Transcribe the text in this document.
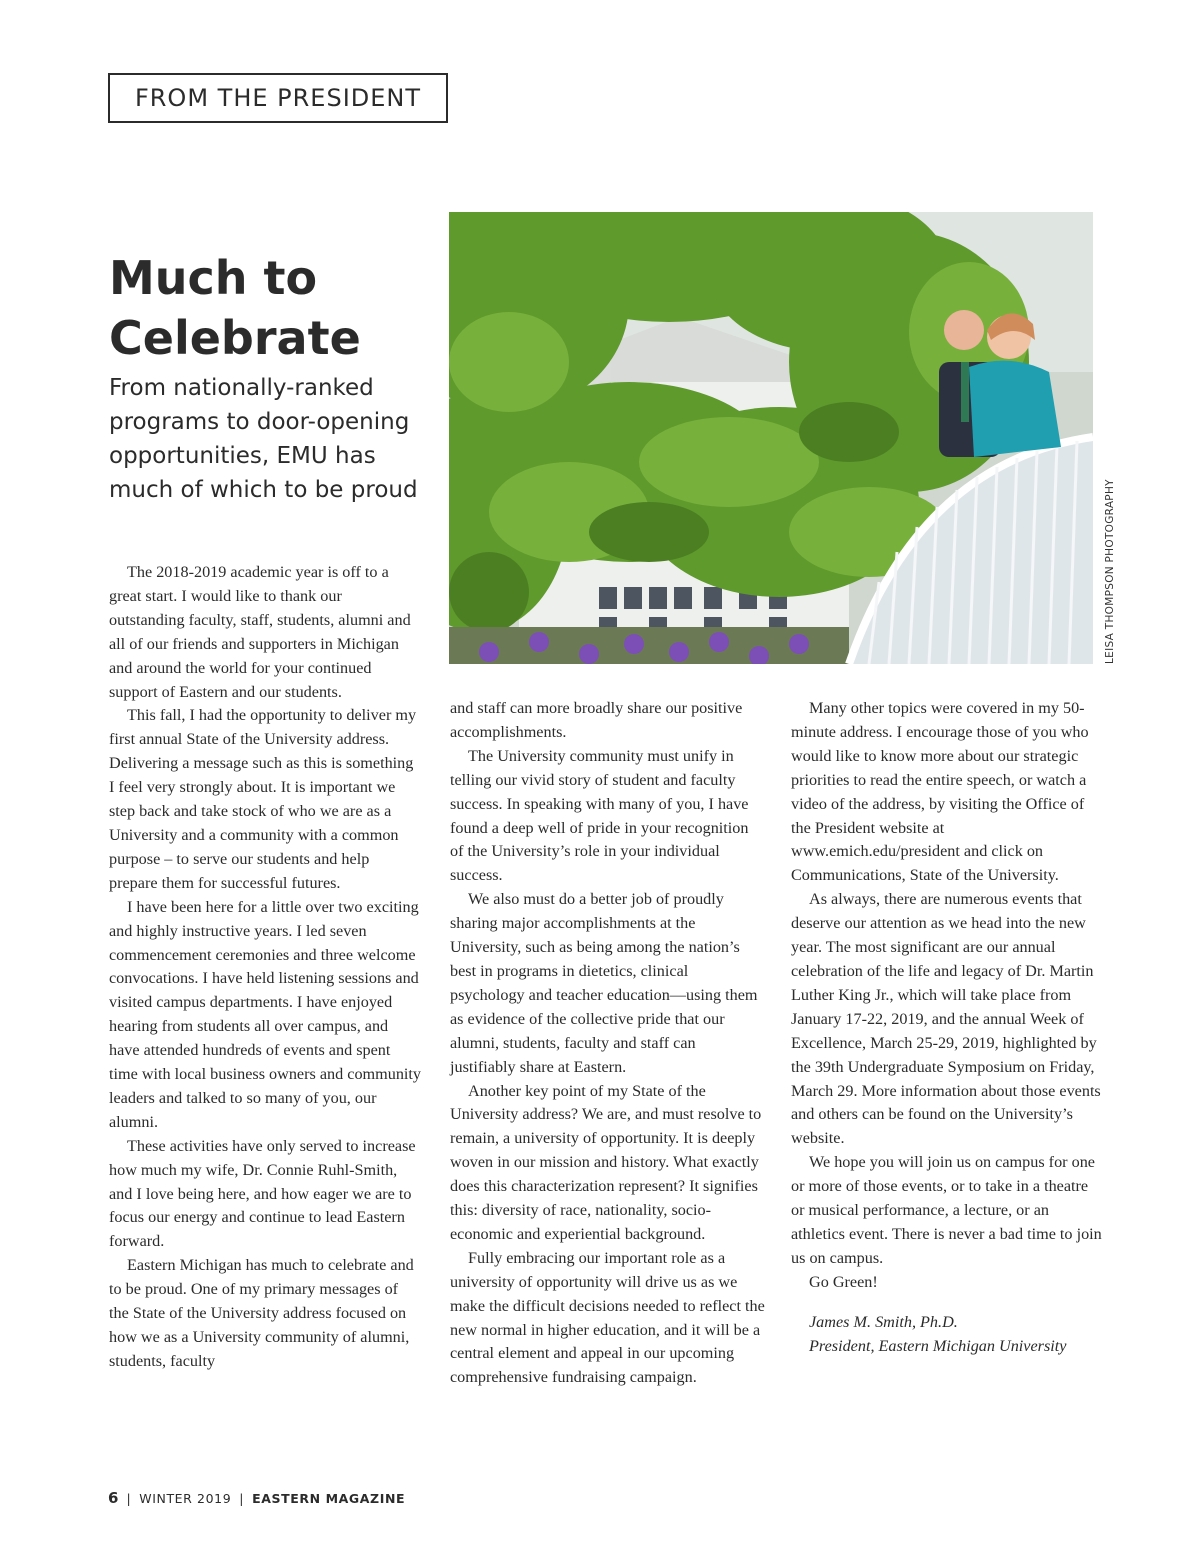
FROM THE PRESIDENT
Much to Celebrate

From nationally-ranked programs to door-opening opportunities, EMU has much of which to be proud	LEISA THOMPSON PHOTOGRAPHY

The 2018-2019 academic year is off to a great start. I would like to thank our outstanding faculty, staff, students, alumni and all of our friends and supporters in Michigan and around the world for your continued support of Eastern and our students.

This fall, I had the opportunity to deliver my first annual State of the University address. Delivering a message such as this is something I feel very strongly about. It is important we step back and take stock of who we are as a University and a community with a common purpose – to serve our students and help prepare them for successful futures.

I have been here for a little over two exciting and highly instructive years. I led seven commencement ceremonies and three welcome convocations. I have held listening sessions and visited campus departments. I have enjoyed hearing from students all over campus, and have attended hundreds of events and spent time with local business owners and community leaders and talked to so many of you, our alumni.

These activities have only served to increase how much my wife, Dr. Connie Ruhl-Smith, and I love being here, and how eager we are to focus our energy and continue to lead Eastern forward.

Eastern Michigan has much to celebrate and to be proud. One of my primary messages of the State of the University address focused on how we as a University community of alumni, students, faculty

and staff can more broadly share our positive accomplishments.

The University community must unify in telling our vivid story of student and faculty success. In speaking with many of you, I have found a deep well of pride in your recognition of the University’s role in your individual success.

We also must do a better job of proudly sharing major accomplishments at the University, such as being among the nation’s best in programs in dietetics, clinical psychology and teacher education—using them as evidence of the collective pride that our alumni, students, faculty and staff can justifiably share at Eastern.

Another key point of my State of the University address? We are, and must resolve to remain, a university of opportunity. It is deeply woven in our mission and history. What exactly does this characterization represent? It signifies this: diversity of race, nationality, socio-economic and experiential background.

Fully embracing our important role as a university of opportunity will drive us as we make the difficult decisions needed to reflect the new normal in higher education, and it will be a central element and appeal in our upcoming comprehensive fundraising campaign.

Many other topics were covered in my 50-minute address. I encourage those of you who would like to know more about our strategic priorities to read the entire speech, or watch a video of the address, by visiting the Office of the President website at www.emich.edu/president and click on Communications, State of the University.

As always, there are numerous events that deserve our attention as we head into the new year. The most significant are our annual celebration of the life and legacy of Dr. Martin Luther King Jr., which will take place from January 17-22, 2019, and the annual Week of Excellence, March 25-29, 2019, highlighted by the 39th Undergraduate Symposium on Friday, March 29. More information about those events and others can be found on the University’s website.

We hope you will join us on campus for one or more of those events, or to take in a theatre or musical performance, a lecture, or an athletics event. There is never a bad time to join us on campus.

Go Green!

James M. Smith, Ph.D.
President, Eastern Michigan University
6 | WINTER 2019 | EASTERN MAGAZINE
